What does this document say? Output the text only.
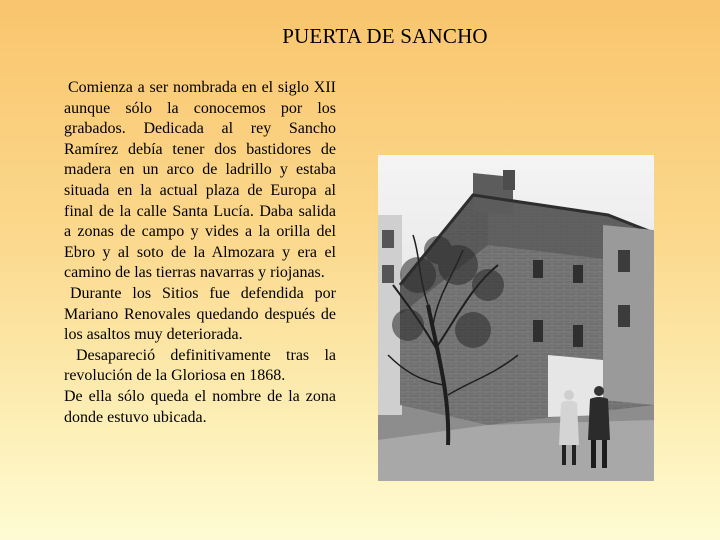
PUERTA DE SANCHO

Comienza a ser nombrada en el siglo XII aunque sólo la conocemos por los grabados. Dedicada al rey Sancho Ramírez debía tener dos bastidores de madera en un arco de ladrillo y estaba situada en la actual plaza de Europa al final de la calle Santa Lucía. Daba salida a zonas de campo y vides a la orilla del Ebro y al soto de la Almozara y era el camino de las tierras navarras y riojanas.

Durante los Sitios fue defendida por Mariano Renovales quedando después de los asaltos muy deteriorada.

Desapareció definitivamente tras la revolución de la Gloriosa en 1868.

De ella sólo queda el nombre de la zona donde estuvo ubicada.
